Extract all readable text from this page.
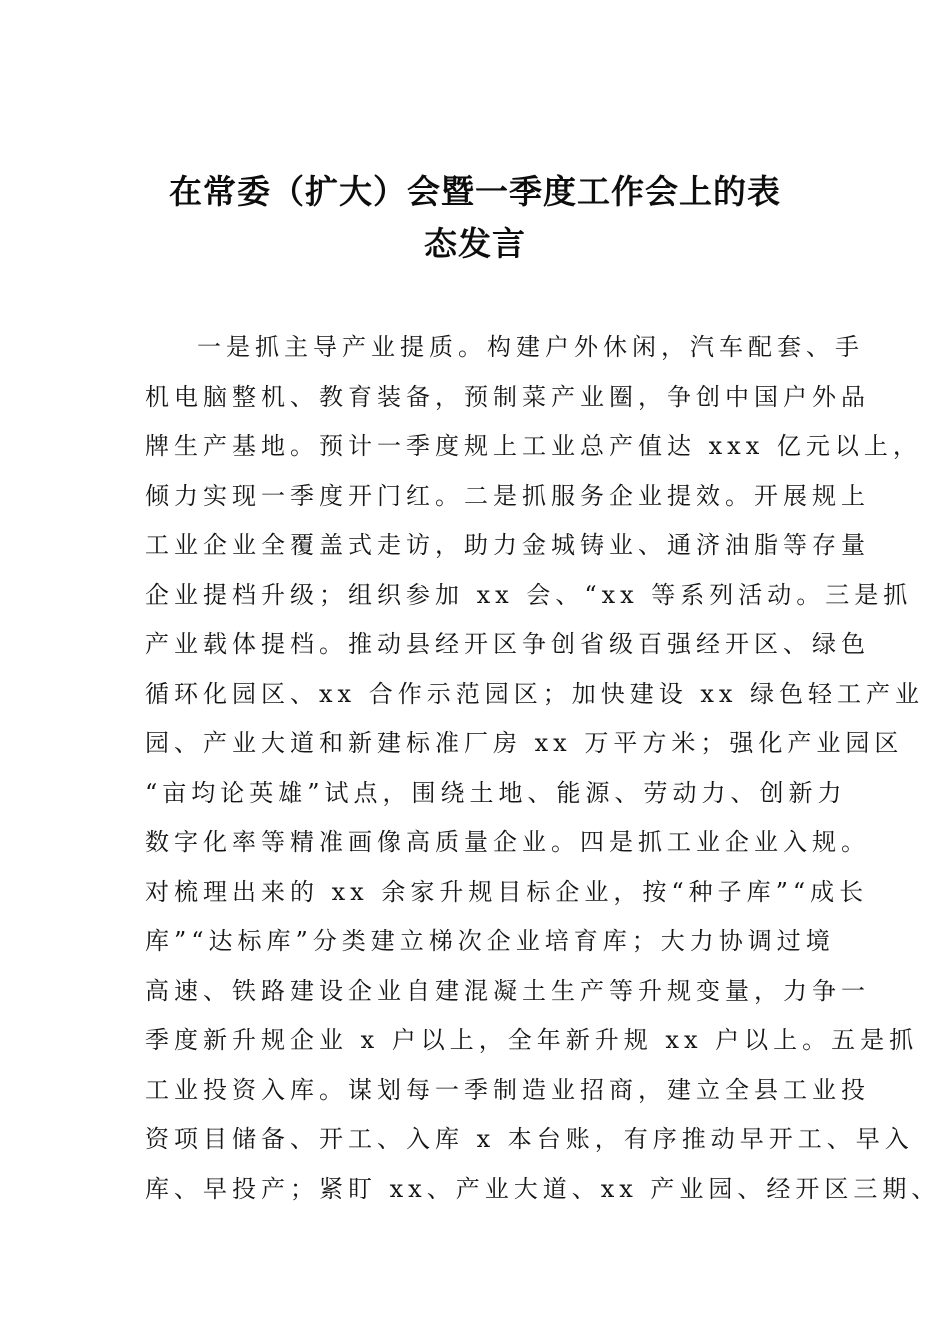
在常委（扩大）会暨一季度工作会上的表
态发言
一是抓主导产业提质。构建户外休闲，汽车配套、手
机电脑整机、教育装备，预制菜产业圈，争创中国户外品
牌生产基地。预计一季度规上工业总产值达 xxx 亿元以上，
倾力实现一季度开门红。二是抓服务企业提效。开展规上
工业企业全覆盖式走访，助力金城铸业、通济油脂等存量
企业提档升级；组织参加 xx 会、“xx 等系列活动。三是抓
产业载体提档。推动县经开区争创省级百强经开区、绿色
循环化园区、xx 合作示范园区；加快建设 xx 绿色轻工产业
园、产业大道和新建标准厂房 xx 万平方米；强化产业园区
“亩均论英雄”试点，围绕土地、能源、劳动力、创新力
数字化率等精准画像高质量企业。四是抓工业企业入规。
对梳理出来的 xx 余家升规目标企业，按“种子库”“成长
库”“达标库”分类建立梯次企业培育库；大力协调过境
高速、铁路建设企业自建混凝土生产等升规变量，力争一
季度新升规企业 x 户以上，全年新升规 xx 户以上。五是抓
工业投资入库。谋划每一季制造业招商，建立全县工业投
资项目储备、开工、入库 x 本台账，有序推动早开工、早入
库、早投产；紧盯 xx、产业大道、xx 产业园、经开区三期、
